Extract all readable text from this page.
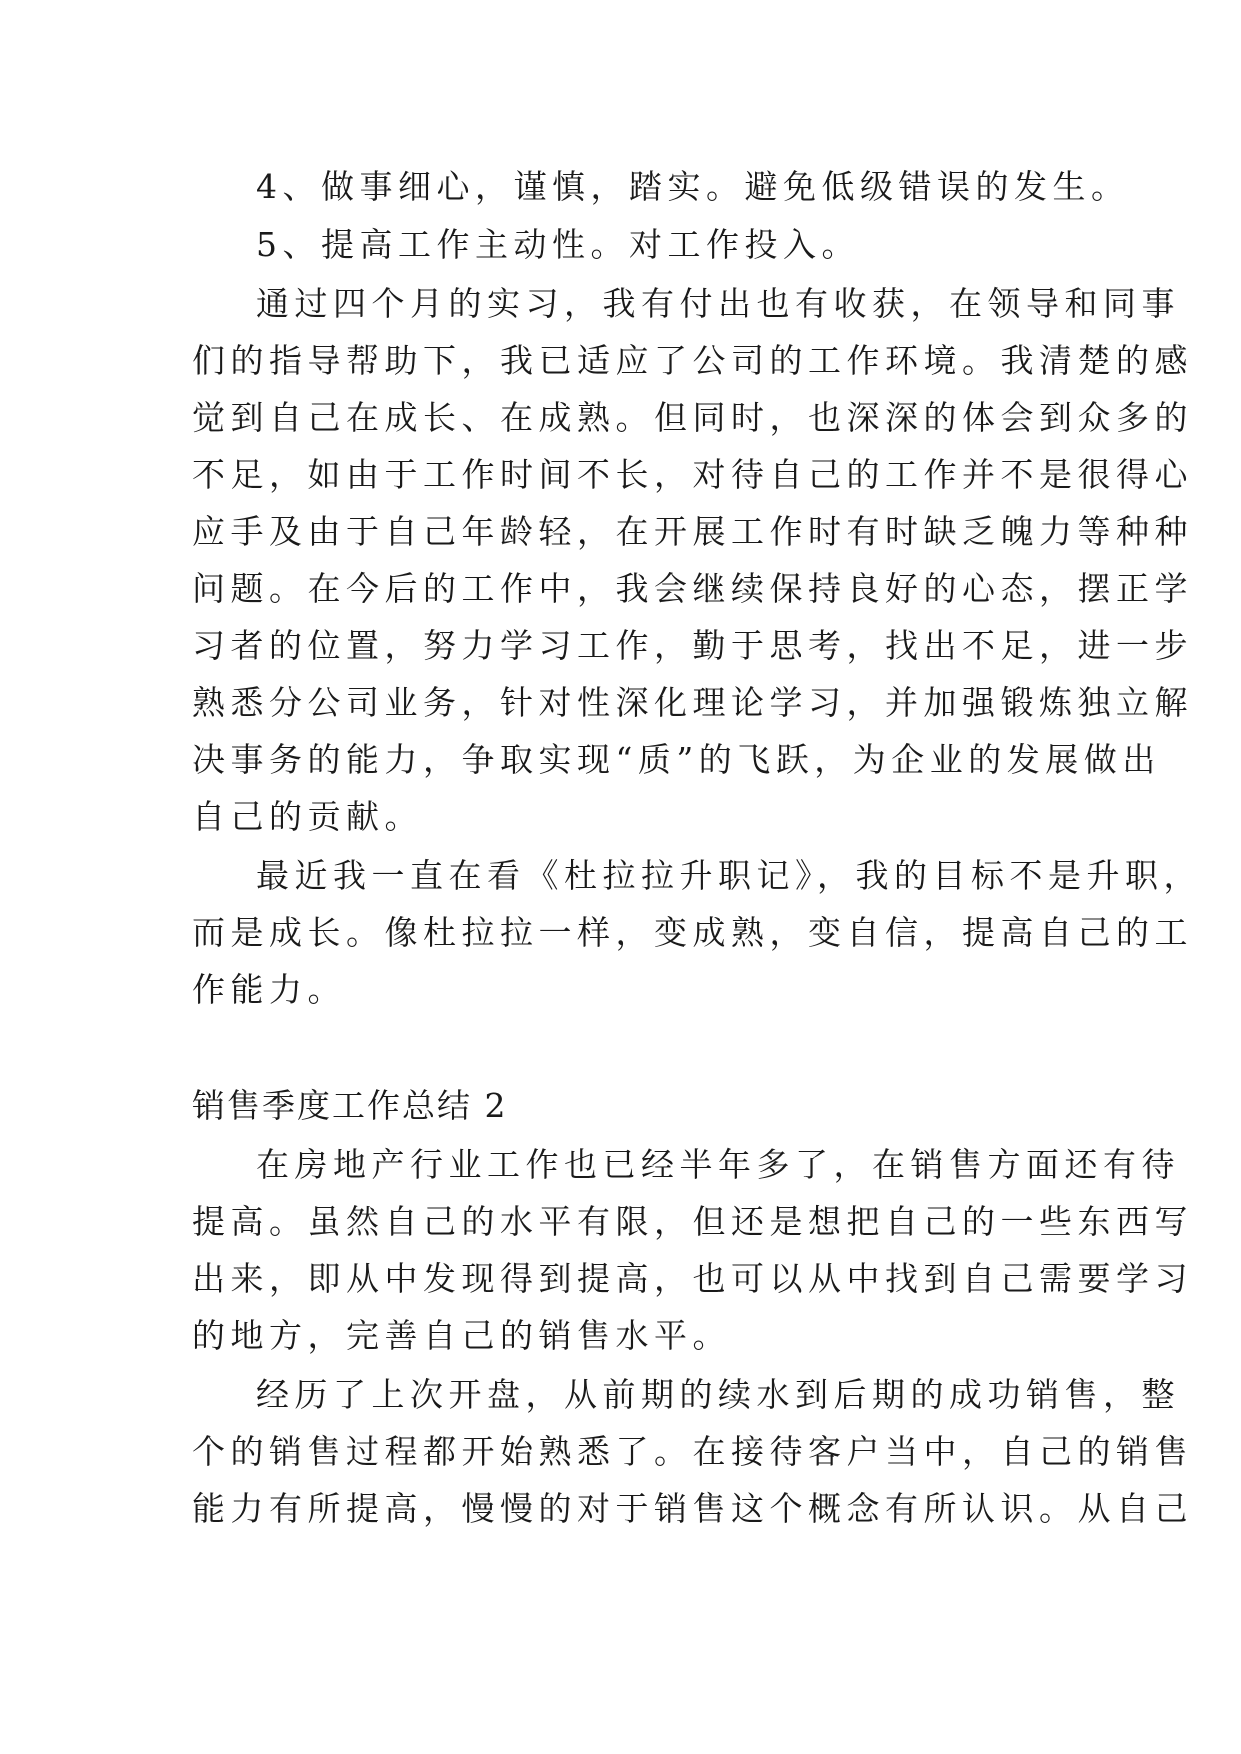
4、做事细心，谨慎，踏实。避免低级错误的发生。
5、提高工作主动性。对工作投入。
通过四个月的实习，我有付出也有收获，在领导和同事
们的指导帮助下，我已适应了公司的工作环境。我清楚的感
觉到自己在成长、在成熟。但同时，也深深的体会到众多的
不足，如由于工作时间不长，对待自己的工作并不是很得心
应手及由于自己年龄轻，在开展工作时有时缺乏魄力等种种
问题。在今后的工作中，我会继续保持良好的心态，摆正学
习者的位置，努力学习工作，勤于思考，找出不足，进一步
熟悉分公司业务，针对性深化理论学习，并加强锻炼独立解
决事务的能力，争取实现“质”的飞跃，为企业的发展做出
自己的贡献。
最近我一直在看《杜拉拉升职记》，我的目标不是升职，
而是成长。像杜拉拉一样，变成熟，变自信，提高自己的工
作能力。
销售季度工作总结 2
在房地产行业工作也已经半年多了，在销售方面还有待
提高。虽然自己的水平有限，但还是想把自己的一些东西写
出来，即从中发现得到提高，也可以从中找到自己需要学习
的地方，完善自己的销售水平。
经历了上次开盘，从前期的续水到后期的成功销售，整
个的销售过程都开始熟悉了。在接待客户当中，自己的销售
能力有所提高，慢慢的对于销售这个概念有所认识。从自己
